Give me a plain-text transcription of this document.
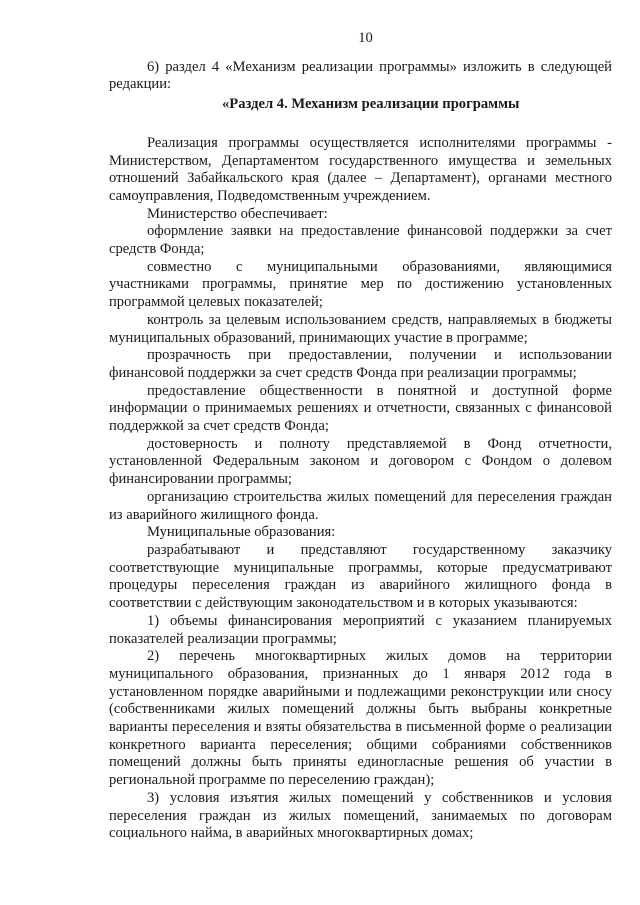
10

6) раздел 4 «Механизм реализации программы» изложить в следующей редакции:

«Раздел 4. Механизм реализации программы

Реализация программы осуществляется исполнителями программы - Министерством, Департаментом государственного имущества и земельных отношений Забайкальского края (далее – Департамент), органами местного самоуправления, Подведомственным учреждением.

Министерство обеспечивает:

оформление заявки на предоставление финансовой поддержки за счет средств Фонда;

совместно с муниципальными образованиями, являющимися участниками программы, принятие мер по достижению установленных программой целевых показателей;

контроль за целевым использованием средств, направляемых в бюджеты муниципальных образований, принимающих участие в программе;

прозрачность при предоставлении, получении и использовании финансовой поддержки за счет средств Фонда при реализации программы;

предоставление общественности в понятной и доступной форме информации о принимаемых решениях и отчетности, связанных с финансовой поддержкой за счет средств Фонда;

достоверность и полноту представляемой в Фонд отчетности, установленной Федеральным законом и договором с Фондом о долевом финансировании программы;

организацию строительства жилых помещений для переселения граждан из аварийного жилищного фонда.

Муниципальные образования:

разрабатывают и представляют государственному заказчику соответствующие муниципальные программы, которые предусматривают процедуры переселения граждан из аварийного жилищного фонда в соответствии с действующим законодательством и в которых указываются:

1) объемы финансирования мероприятий с указанием планируемых показателей реализации программы;

2) перечень многоквартирных жилых домов на территории муниципального образования, признанных до 1 января 2012 года в установленном порядке аварийными и подлежащими реконструкции или сносу (собственниками жилых помещений должны быть выбраны конкретные варианты переселения и взяты обязательства в письменной форме о реализации конкретного варианта переселения; общими собраниями собственников помещений должны быть приняты единогласные решения об участии в региональной программе по переселению граждан);

3) условия изъятия жилых помещений у собственников и условия переселения граждан из жилых помещений, занимаемых по договорам социального найма, в аварийных многоквартирных домах;
